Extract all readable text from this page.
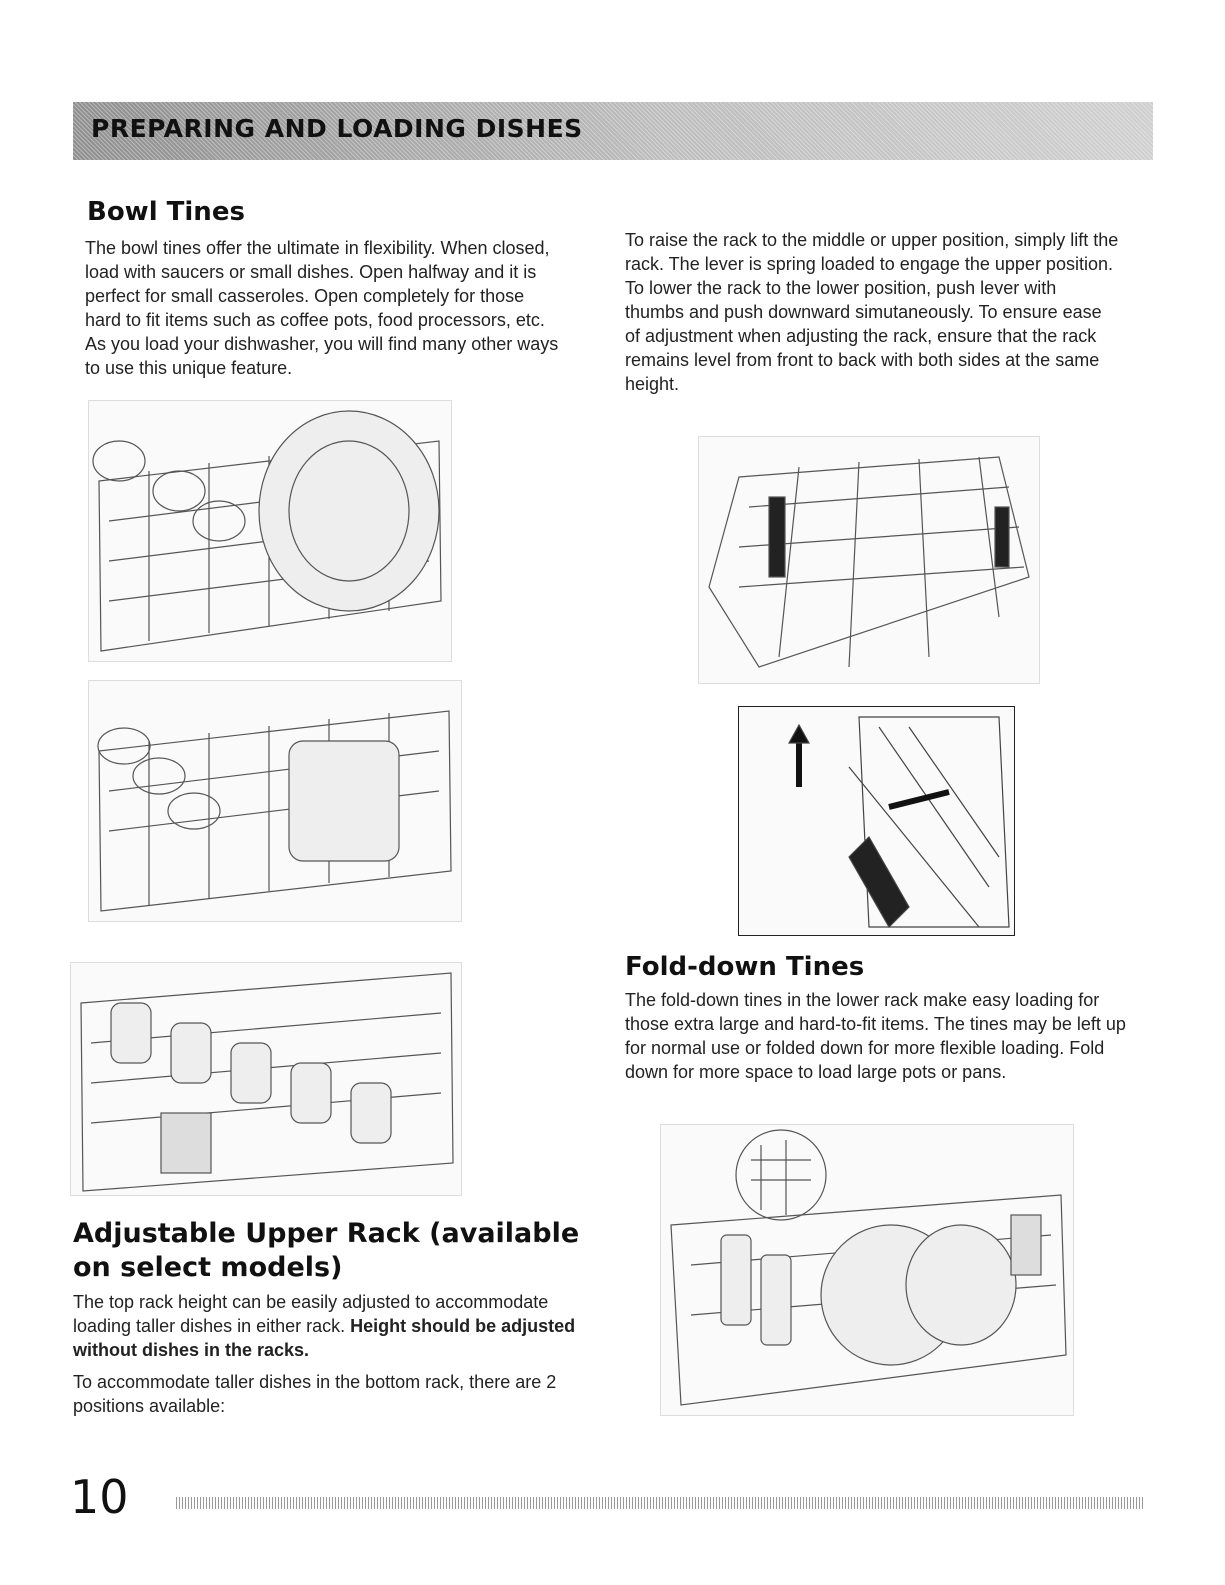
PREPARING AND LOADING DISHES
Bowl Tines

The bowl tines offer the ultimate in flexibility. When closed, load with saucers or small dishes. Open halfway and it is perfect for small casseroles. Open completely for those hard to fit items such as coffee pots, food processors, etc. As you load your dishwasher, you will find many other ways to use this unique feature.

To raise the rack to the middle or upper position, simply lift the rack. The lever is spring loaded to engage the upper position. To lower the rack to the lower position, push lever with thumbs and push downward simutaneously. To ensure ease of adjustment when adjusting the rack, ensure that the rack remains level from front to back with both sides at the same height.

Adjustable Upper Rack (available on select models)

The top rack height can be easily adjusted to accommodate loading taller dishes in either rack. Height should be adjusted without dishes in the racks.

To accommodate taller dishes in the bottom rack, there are 2 positions available:

Fold-down Tines

The fold-down tines in the lower rack make easy loading for those extra large and hard-to-fit items. The tines may be left up for normal use or folded down for more flexible loading. Fold down for more space to load large pots or pans.

10
